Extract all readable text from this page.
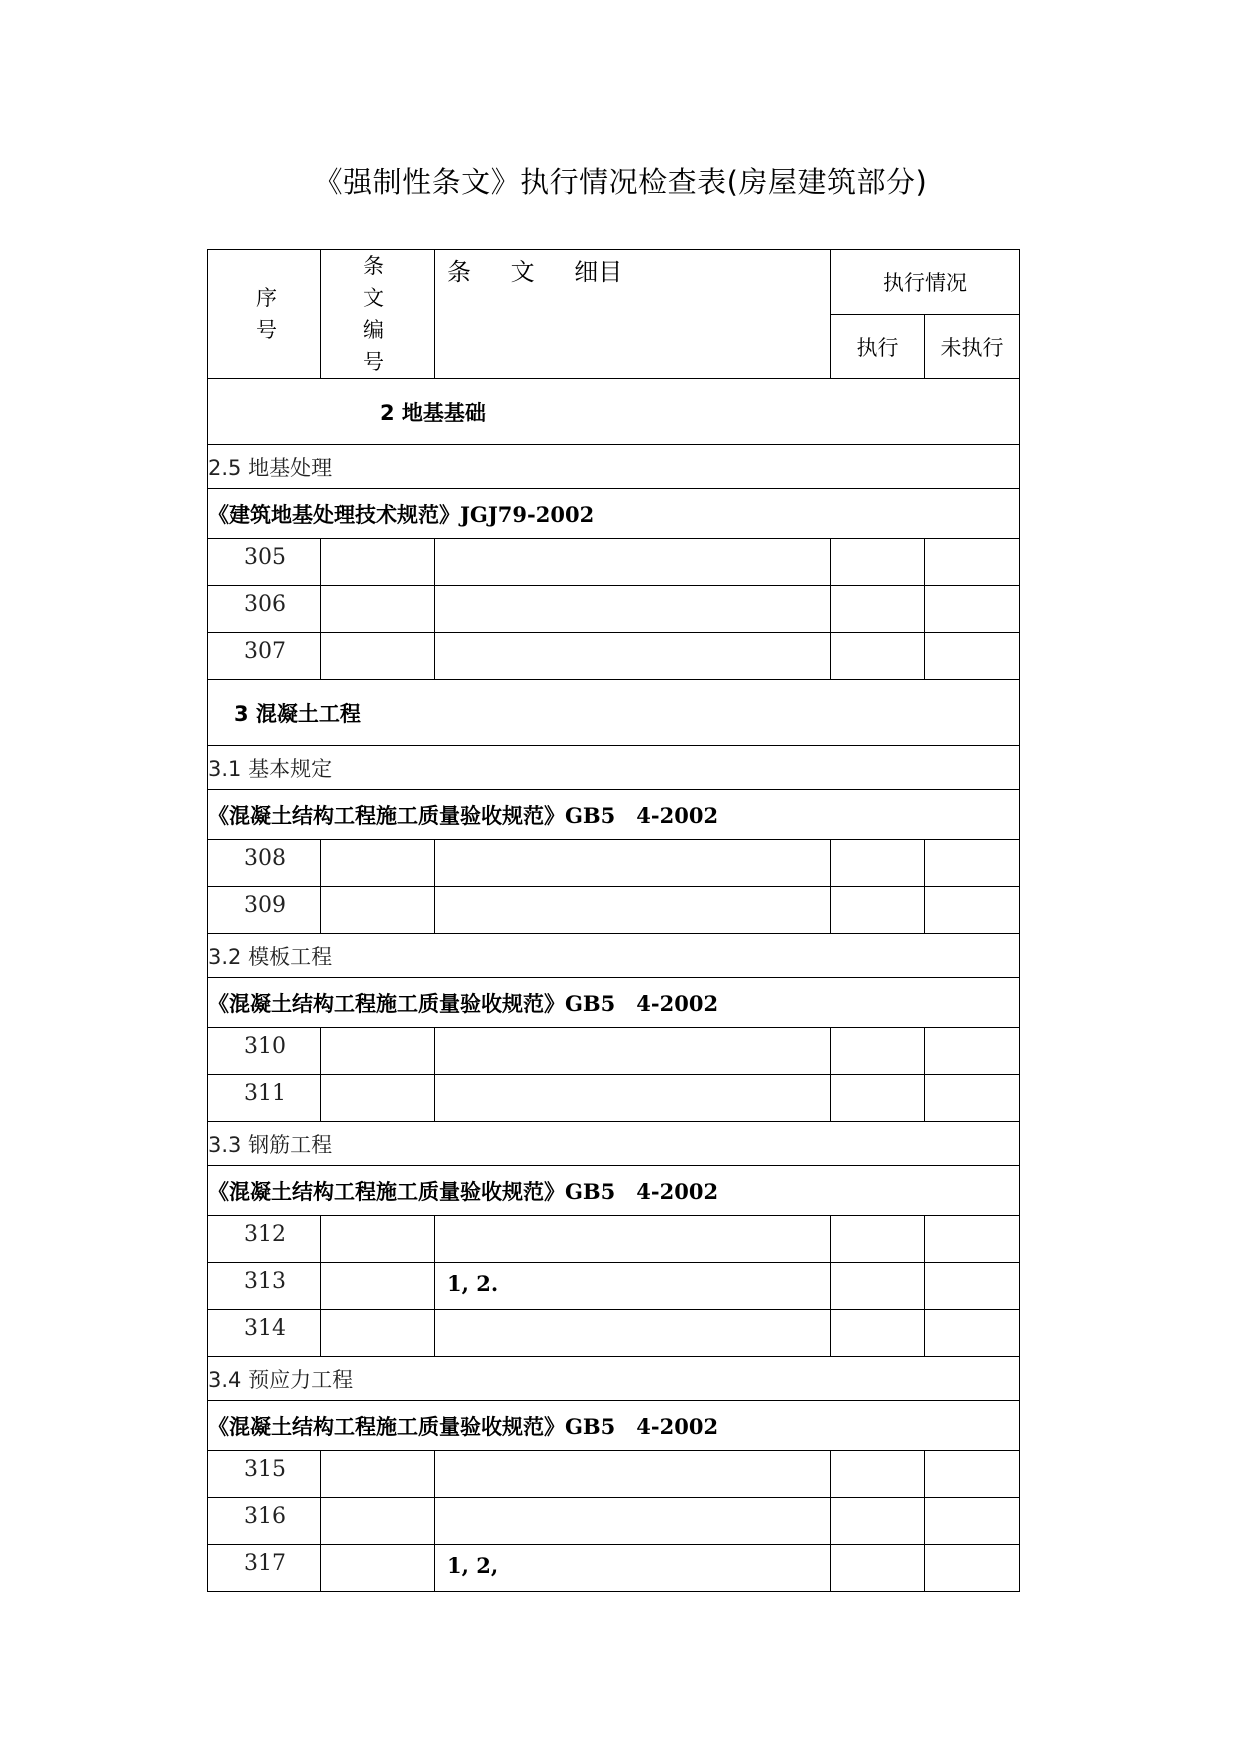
《强制性条文》执行情况检查表(房屋建筑部分)
序号	条文编号	条 文 细目	执行情况	
			执行	未执行
2 地基基础				
2.5 地基处理				
《建筑地基处理技术规范》JGJ79-2002				
305				
306				
307				
3 混凝土工程				
3.1 基本规定				
《混凝土结构工程施工质量验收规范》GB5　4-2002				
308				
309				
3.2 模板工程				
《混凝土结构工程施工质量验收规范》GB5　4-2002				
310				
311				
3.3 钢筋工程				
《混凝土结构工程施工质量验收规范》GB5　4-2002				
312				
313		1, 2.		
314				
3.4 预应力工程				
《混凝土结构工程施工质量验收规范》GB5　4-2002				
315				
316				
317		1, 2,		
